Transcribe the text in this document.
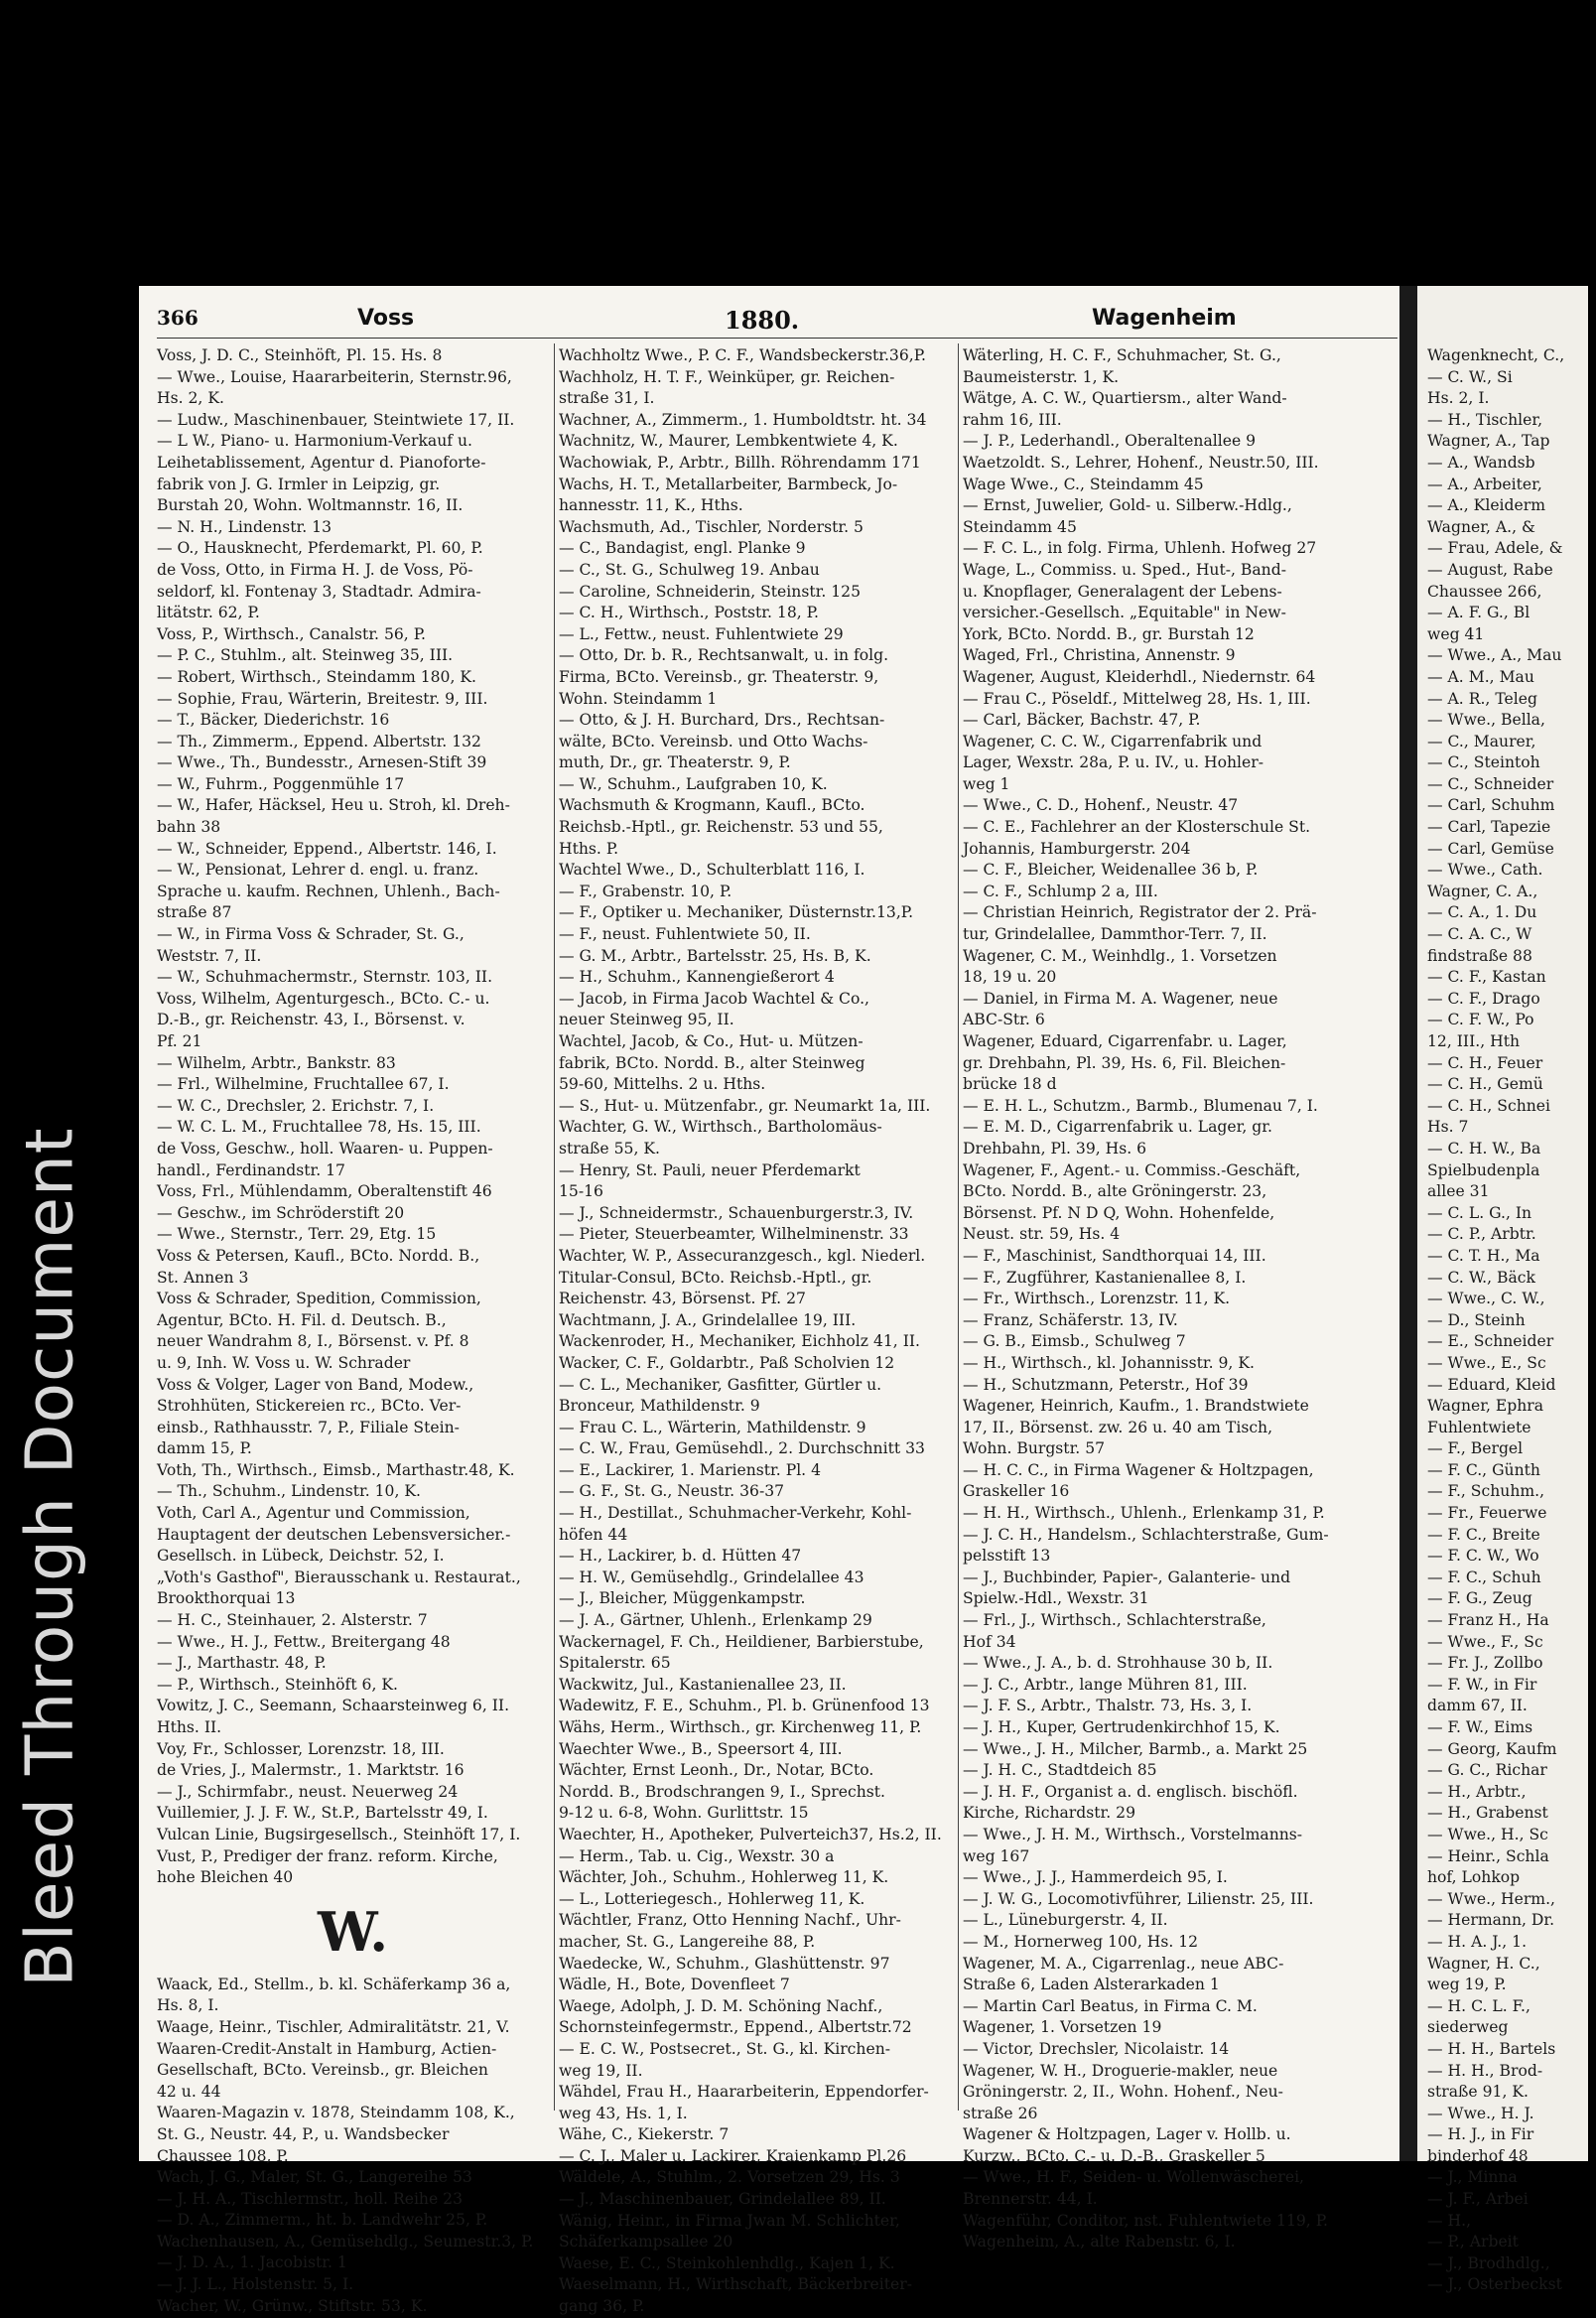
Bleed Through Document
366	Voss	1880.	Wagenheim
Voss, J. D. C., Steinhöft, Pl. 15. Hs. 8
— Wwe., Louise, Haararbeiterin, Sternstr.96,
Hs. 2, K.
— Ludw., Maschinenbauer, Steintwiete 17, II.
— L W., Piano- u. Harmonium-Verkauf u.
Leihetablissement, Agentur d. Pianoforte-
fabrik von J. G. Irmler in Leipzig, gr.
Burstah 20, Wohn. Woltmannstr. 16, II.
— N. H., Lindenstr. 13
— O., Hausknecht, Pferdemarkt, Pl. 60, P.
de Voss, Otto, in Firma H. J. de Voss, Pö-
seldorf, kl. Fontenay 3, Stadtadr. Admira-
litätstr. 62, P.
Voss, P., Wirthsch., Canalstr. 56, P.
— P. C., Stuhlm., alt. Steinweg 35, III.
— Robert, Wirthsch., Steindamm 180, K.
— Sophie, Frau, Wärterin, Breitestr. 9, III.
— T., Bäcker, Diederichstr. 16
— Th., Zimmerm., Eppend. Albertstr. 132
— Wwe., Th., Bundesstr., Arnesen-Stift 39
— W., Fuhrm., Poggenmühle 17
— W., Hafer, Häcksel, Heu u. Stroh, kl. Dreh-
bahn 38
— W., Schneider, Eppend., Albertstr. 146, I.
— W., Pensionat, Lehrer d. engl. u. franz.
Sprache u. kaufm. Rechnen, Uhlenh., Bach-
straße 87
— W., in Firma Voss & Schrader, St. G.,
Weststr. 7, II.
— W., Schuhmachermstr., Sternstr. 103, II.
Voss, Wilhelm, Agenturgesch., BCto. C.- u.
D.-B., gr. Reichenstr. 43, I., Börsenst. v.
Pf. 21
— Wilhelm, Arbtr., Bankstr. 83
— Frl., Wilhelmine, Fruchtallee 67, I.
— W. C., Drechsler, 2. Erichstr. 7, I.
— W. C. L. M., Fruchtallee 78, Hs. 15, III.
de Voss, Geschw., holl. Waaren- u. Puppen-
handl., Ferdinandstr. 17
Voss, Frl., Mühlendamm, Oberaltenstift 46
— Geschw., im Schröderstift 20
— Wwe., Sternstr., Terr. 29, Etg. 15
Voss & Petersen, Kaufl., BCto. Nordd. B.,
St. Annen 3
Voss & Schrader, Spedition, Commission,
Agentur, BCto. H. Fil. d. Deutsch. B.,
neuer Wandrahm 8, I., Börsenst. v. Pf. 8
u. 9, Inh. W. Voss u. W. Schrader
Voss & Volger, Lager von Band, Modew.,
Strohhüten, Stickereien rc., BCto. Ver-
einsb., Rathhausstr. 7, P., Filiale Stein-
damm 15, P.
Voth, Th., Wirthsch., Eimsb., Marthastr.48, K.
— Th., Schuhm., Lindenstr. 10, K.
Voth, Carl A., Agentur und Commission,
Hauptagent der deutschen Lebensversicher.-
Gesellsch. in Lübeck, Deichstr. 52, I.
„Voth's Gasthof", Bierausschank u. Restaurat.,
Brookthorquai 13
— H. C., Steinhauer, 2. Alsterstr. 7
— Wwe., H. J., Fettw., Breitergang 48
— J., Marthastr. 48, P.
— P., Wirthsch., Steinhöft 6, K.
Vowitz, J. C., Seemann, Schaarsteinweg 6, II.
Hths. II.
Voy, Fr., Schlosser, Lorenzstr. 18, III.
de Vries, J., Malermstr., 1. Marktstr. 16
— J., Schirmfabr., neust. Neuerweg 24
Vuillemier, J. J. F. W., St.P., Bartelsstr 49, I.
Vulcan Linie, Bugsirgesellsch., Steinhöft 17, I.
Vust, P., Prediger der franz. reform. Kirche,
hohe Bleichen 40
W.
Waack, Ed., Stellm., b. kl. Schäferkamp 36 a,
Hs. 8, I.
Waage, Heinr., Tischler, Admiralitätstr. 21, V.
Waaren-Credit-Anstalt in Hamburg, Actien-
Gesellschaft, BCto. Vereinsb., gr. Bleichen
42 u. 44
Waaren-Magazin v. 1878, Steindamm 108, K.,
St. G., Neustr. 44, P., u. Wandsbecker
Chaussee 108, P.
Wach, J. G., Maler, St. G., Langereihe 53
— J. H. A., Tischlermstr., holl. Reihe 23
— D. A., Zimmerm., ht. b. Landwehr 25, P.
Wachenhausen, A., Gemüsehdlg., Seumestr.3, P.
— J. D. A., 1. Jacobistr. 1
— J. J. L., Holstenstr. 5, I.
Wacher, W., Grünw., Stiftstr. 53, K.
Wachholtz Wwe., P. C. F., Wandsbeckerstr.36,P.
Wachholz, H. T. F., Weinküper, gr. Reichen-
straße 31, I.
Wachner, A., Zimmerm., 1. Humboldtstr. ht. 34
Wachnitz, W., Maurer, Lembkentwiete 4, K.
Wachowiak, P., Arbtr., Billh. Röhrendamm 171
Wachs, H. T., Metallarbeiter, Barmbeck, Jo-
hannesstr. 11, K., Hths.
Wachsmuth, Ad., Tischler, Norderstr. 5
— C., Bandagist, engl. Planke 9
— C., St. G., Schulweg 19. Anbau
— Caroline, Schneiderin, Steinstr. 125
— C. H., Wirthsch., Poststr. 18, P.
— L., Fettw., neust. Fuhlentwiete 29
— Otto, Dr. b. R., Rechtsanwalt, u. in folg.
Firma, BCto. Vereinsb., gr. Theaterstr. 9,
Wohn. Steindamm 1
— Otto, & J. H. Burchard, Drs., Rechtsan-
wälte, BCto. Vereinsb. und Otto Wachs-
muth, Dr., gr. Theaterstr. 9, P.
— W., Schuhm., Laufgraben 10, K.
Wachsmuth & Krogmann, Kaufl., BCto.
Reichsb.-Hptl., gr. Reichenstr. 53 und 55,
Hths. P.
Wachtel Wwe., D., Schulterblatt 116, I.
— F., Grabenstr. 10, P.
— F., Optiker u. Mechaniker, Düsternstr.13,P.
— F., neust. Fuhlentwiete 50, II.
— G. M., Arbtr., Bartelsstr. 25, Hs. B, K.
— H., Schuhm., Kannengießerort 4
— Jacob, in Firma Jacob Wachtel & Co.,
neuer Steinweg 95, II.
Wachtel, Jacob, & Co., Hut- u. Mützen-
fabrik, BCto. Nordd. B., alter Steinweg
59-60, Mittelhs. 2 u. Hths.
— S., Hut- u. Mützenfabr., gr. Neumarkt 1a, III.
Wachter, G. W., Wirthsch., Bartholomäus-
straße 55, K.
— Henry, St. Pauli, neuer Pferdemarkt
15-16
— J., Schneidermstr., Schauenburgerstr.3, IV.
— Pieter, Steuerbeamter, Wilhelminenstr. 33
Wachter, W. P., Assecuranzgesch., kgl. Niederl.
Titular-Consul, BCto. Reichsb.-Hptl., gr.
Reichenstr. 43, Börsenst. Pf. 27
Wachtmann, J. A., Grindelallee 19, III.
Wackenroder, H., Mechaniker, Eichholz 41, II.
Wacker, C. F., Goldarbtr., Paß Scholvien 12
— C. L., Mechaniker, Gasfitter, Gürtler u.
Bronceur, Mathildenstr. 9
— Frau C. L., Wärterin, Mathildenstr. 9
— C. W., Frau, Gemüsehdl., 2. Durchschnitt 33
— E., Lackirer, 1. Marienstr. Pl. 4
— G. F., St. G., Neustr. 36-37
— H., Destillat., Schuhmacher-Verkehr, Kohl-
höfen 44
— H., Lackirer, b. d. Hütten 47
— H. W., Gemüsehdlg., Grindelallee 43
— J., Bleicher, Müggenkampstr.
— J. A., Gärtner, Uhlenh., Erlenkamp 29
Wackernagel, F. Ch., Heildiener, Barbierstube,
Spitalerstr. 65
Wackwitz, Jul., Kastanienallee 23, II.
Wadewitz, F. E., Schuhm., Pl. b. Grünenfood 13
Wähs, Herm., Wirthsch., gr. Kirchenweg 11, P.
Waechter Wwe., B., Speersort 4, III.
Wächter, Ernst Leonh., Dr., Notar, BCto.
Nordd. B., Brodschrangen 9, I., Sprechst.
9-12 u. 6-8, Wohn. Gurlittstr. 15
Waechter, H., Apotheker, Pulverteich37, Hs.2, II.
— Herm., Tab. u. Cig., Wexstr. 30 a
Wächter, Joh., Schuhm., Hohlerweg 11, K.
— L., Lotteriegesch., Hohlerweg 11, K.
Wächtler, Franz, Otto Henning Nachf., Uhr-
macher, St. G., Langereihe 88, P.
Waedecke, W., Schuhm., Glashüttenstr. 97
Wädle, H., Bote, Dovenfleet 7
Waege, Adolph, J. D. M. Schöning Nachf.,
Schornsteinfegermstr., Eppend., Albertstr.72
— E. C. W., Postsecret., St. G., kl. Kirchen-
weg 19, II.
Wähdel, Frau H., Haararbeiterin, Eppendorfer-
weg 43, Hs. 1, I.
Wähe, C., Kiekerstr. 7
— C. J., Maler u. Lackirer, Kraienkamp Pl.26
Wäldele, A., Stuhlm., 2. Vorsetzen 29, Hs. 3
— J., Maschinenbauer, Grindelallee 89, II.
Wänig, Heinr., in Firma Jwan M. Schlichter,
Schäferkampsallee 20
Waese, E. C., Steinkohlenhdlg., Kajen 1, K.
Waeselmann, H., Wirthschaft, Bäckerbreiter-
gang 36, P.
Wäterling, H. C. F., Schuhmacher, St. G.,
Baumeisterstr. 1, K.
Wätge, A. C. W., Quartiersm., alter Wand-
rahm 16, III.
— J. P., Lederhandl., Oberaltenallee 9
Waetzoldt. S., Lehrer, Hohenf., Neustr.50, III.
Wage Wwe., C., Steindamm 45
— Ernst, Juwelier, Gold- u. Silberw.-Hdlg.,
Steindamm 45
— F. C. L., in folg. Firma, Uhlenh. Hofweg 27
Wage, L., Commiss. u. Sped., Hut-, Band-
u. Knopflager, Generalagent der Lebens-
versicher.-Gesellsch. „Equitable" in New-
York, BCto. Nordd. B., gr. Burstah 12
Waged, Frl., Christina, Annenstr. 9
Wagener, August, Kleiderhdl., Niedernstr. 64
— Frau C., Pöseldf., Mittelweg 28, Hs. 1, III.
— Carl, Bäcker, Bachstr. 47, P.
Wagener, C. C. W., Cigarrenfabrik und
Lager, Wexstr. 28a, P. u. IV., u. Hohler-
weg 1
— Wwe., C. D., Hohenf., Neustr. 47
— C. E., Fachlehrer an der Klosterschule St.
Johannis, Hamburgerstr. 204
— C. F., Bleicher, Weidenallee 36 b, P.
— C. F., Schlump 2 a, III.
— Christian Heinrich, Registrator der 2. Prä-
tur, Grindelallee, Dammthor-Terr. 7, II.
Wagener, C. M., Weinhdlg., 1. Vorsetzen
18, 19 u. 20
— Daniel, in Firma M. A. Wagener, neue
ABC-Str. 6
Wagener, Eduard, Cigarrenfabr. u. Lager,
gr. Drehbahn, Pl. 39, Hs. 6, Fil. Bleichen-
brücke 18 d
— E. H. L., Schutzm., Barmb., Blumenau 7, I.
— E. M. D., Cigarrenfabrik u. Lager, gr.
Drehbahn, Pl. 39, Hs. 6
Wagener, F., Agent.- u. Commiss.-Geschäft,
BCto. Nordd. B., alte Gröningerstr. 23,
Börsenst. Pf. N D Q, Wohn. Hohenfelde,
Neust. str. 59, Hs. 4
— F., Maschinist, Sandthorquai 14, III.
— F., Zugführer, Kastanienallee 8, I.
— Fr., Wirthsch., Lorenzstr. 11, K.
— Franz, Schäferstr. 13, IV.
— G. B., Eimsb., Schulweg 7
— H., Wirthsch., kl. Johannisstr. 9, K.
— H., Schutzmann, Peterstr., Hof 39
Wagener, Heinrich, Kaufm., 1. Brandstwiete
17, II., Börsenst. zw. 26 u. 40 am Tisch,
Wohn. Burgstr. 57
— H. C. C., in Firma Wagener & Holtzpagen,
Graskeller 16
— H. H., Wirthsch., Uhlenh., Erlenkamp 31, P.
— J. C. H., Handelsm., Schlachterstraße, Gum-
pelsstift 13
— J., Buchbinder, Papier-, Galanterie- und
Spielw.-Hdl., Wexstr. 31
— Frl., J., Wirthsch., Schlachterstraße,
Hof 34
— Wwe., J. A., b. d. Strohhause 30 b, II.
— J. C., Arbtr., lange Mühren 81, III.
— J. F. S., Arbtr., Thalstr. 73, Hs. 3, I.
— J. H., Kuper, Gertrudenkirchhof 15, K.
— Wwe., J. H., Milcher, Barmb., a. Markt 25
— J. H. C., Stadtdeich 85
— J. H. F., Organist a. d. englisch. bischöfl.
Kirche, Richardstr. 29
— Wwe., J. H. M., Wirthsch., Vorstelmanns-
weg 167
— Wwe., J. J., Hammerdeich 95, I.
— J. W. G., Locomotivführer, Lilienstr. 25, III.
— L., Lüneburgerstr. 4, II.
— M., Hornerweg 100, Hs. 12
Wagener, M. A., Cigarrenlag., neue ABC-
Straße 6, Laden Alsterarkaden 1
— Martin Carl Beatus, in Firma C. M.
Wagener, 1. Vorsetzen 19
— Victor, Drechsler, Nicolaistr. 14
Wagener, W. H., Droguerie-makler, neue
Gröningerstr. 2, II., Wohn. Hohenf., Neu-
straße 26
Wagener & Holtzpagen, Lager v. Hollb. u.
Kurzw., BCto. C.- u. D.-B., Graskeller 5
— Wwe., H. F., Seiden- u. Wollenwäscherei,
Brennerstr. 44, I.
Wagenführ, Conditor, nst. Fuhlentwiete 119, P.
Wagenheim, A., alte Rabenstr. 6, I.
Wagenknecht, C.,
— C. W., Si
Hs. 2, I.
— H., Tischler,
Wagner, A., Tap
— A., Wandsb
— A., Arbeiter,
— A., Kleiderm
Wagner, A., &
— Frau, Adele, &
— August, Rabe
Chaussee 266,
— A. F. G., Bl
weg 41
— Wwe., A., Mau
— A. M., Mau
— A. R., Teleg
— Wwe., Bella,
— C., Maurer,
— C., Steintoh
— C., Schneider
— Carl, Schuhm
— Carl, Tapezie
— Carl, Gemüse
— Wwe., Cath.
Wagner, C. A.,
— C. A., 1. Du
— C. A. C., W
findstraße 88
— C. F., Kastan
— C. F., Drago
— C. F. W., Po
12, III., Hth
— C. H., Feuer
— C. H., Gemü
— C. H., Schnei
Hs. 7
— C. H. W., Ba
Spielbudenpla
allee 31
— C. L. G., In
— C. P., Arbtr.
— C. T. H., Ma
— C. W., Bäck
— Wwe., C. W.,
— D., Steinh
— E., Schneider
— Wwe., E., Sc
— Eduard, Kleid
Wagner, Ephra
Fuhlentwiete
— F., Bergel
— F. C., Günth
— F., Schuhm.,
— Fr., Feuerwe
— F. C., Breite
— F. C. W., Wo
— F. C., Schuh
— F. G., Zeug
— Franz H., Ha
— Wwe., F., Sc
— Fr. J., Zollbo
— F. W., in Fir
damm 67, II.
— F. W., Eims
— Georg, Kaufm
— G. C., Richar
— H., Arbtr.,
— H., Grabenst
— Wwe., H., Sc
— Heinr., Schla
hof, Lohkop
— Wwe., Herm.,
— Hermann, Dr.
— H. A. J., 1.
Wagner, H. C.,
weg 19, P.
— H. C. L. F.,
siederweg
— H. H., Bartels
— H. H., Brod-
straße 91, K.
— Wwe., H. J.
— H. J., in Fir
binderhof 48
— J., Minna
— J. F., Arbei
— H.,
— P., Arbeit
— J., Brodhdlg.,
— J., Osterbeckst
